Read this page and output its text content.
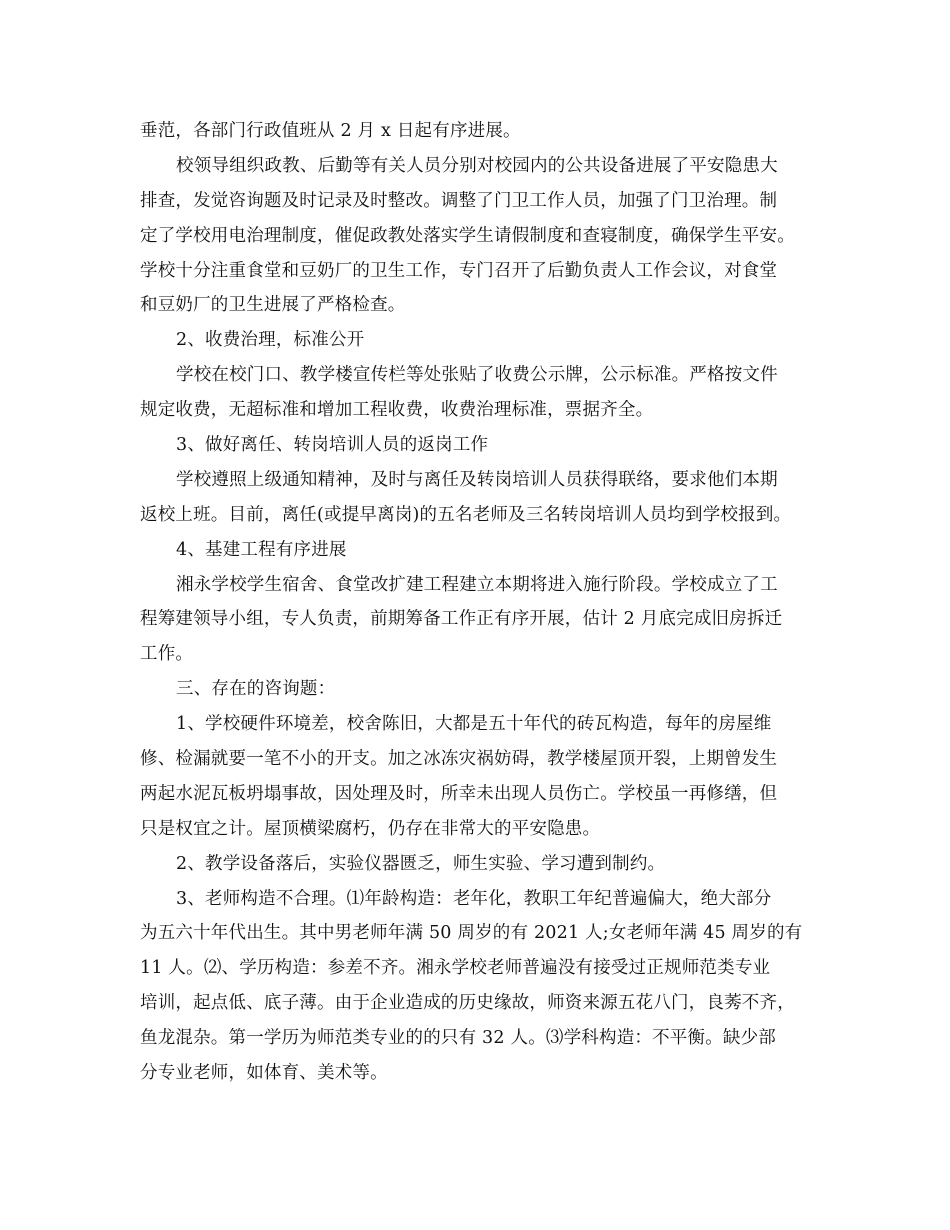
垂范，各部门行政值班从 2 月 x 日起有序进展。
校领导组织政教、后勤等有关人员分别对校园内的公共设备进展了平安隐患大
排查，发觉咨询题及时记录及时整改。调整了门卫工作人员，加强了门卫治理。制
定了学校用电治理制度，催促政教处落实学生请假制度和查寝制度，确保学生平安。
学校十分注重食堂和豆奶厂的卫生工作，专门召开了后勤负责人工作会议，对食堂
和豆奶厂的卫生进展了严格检查。
2、收费治理，标准公开
学校在校门口、教学楼宣传栏等处张贴了收费公示牌，公示标准。严格按文件
规定收费，无超标准和增加工程收费，收费治理标准，票据齐全。
3、做好离任、转岗培训人员的返岗工作
学校遵照上级通知精神，及时与离任及转岗培训人员获得联络，要求他们本期
返校上班。目前，离任(或提早离岗)的五名老师及三名转岗培训人员均到学校报到。
4、基建工程有序进展
湘永学校学生宿舍、食堂改扩建工程建立本期将进入施行阶段。学校成立了工
程筹建领导小组，专人负责，前期筹备工作正有序开展，估计 2 月底完成旧房拆迁
工作。
三、存在的咨询题：
1、学校硬件环境差，校舍陈旧，大都是五十年代的砖瓦构造，每年的房屋维
修、检漏就要一笔不小的开支。加之冰冻灾祸妨碍，教学楼屋顶开裂，上期曾发生
两起水泥瓦板坍塌事故，因处理及时，所幸未出现人员伤亡。学校虽一再修缮，但
只是权宜之计。屋顶横梁腐朽，仍存在非常大的平安隐患。
2、教学设备落后，实验仪器匮乏，师生实验、学习遭到制约。
3、老师构造不合理。⑴年龄构造：老年化，教职工年纪普遍偏大，绝大部分
为五六十年代出生。其中男老师年满 50 周岁的有 2021 人;女老师年满 45 周岁的有
11 人。⑵、学历构造：参差不齐。湘永学校老师普遍没有接受过正规师范类专业
培训，起点低、底子薄。由于企业造成的历史缘故，师资来源五花八门，良莠不齐，
鱼龙混杂。第一学历为师范类专业的的只有 32 人。⑶学科构造：不平衡。缺少部
分专业老师，如体育、美术等。
